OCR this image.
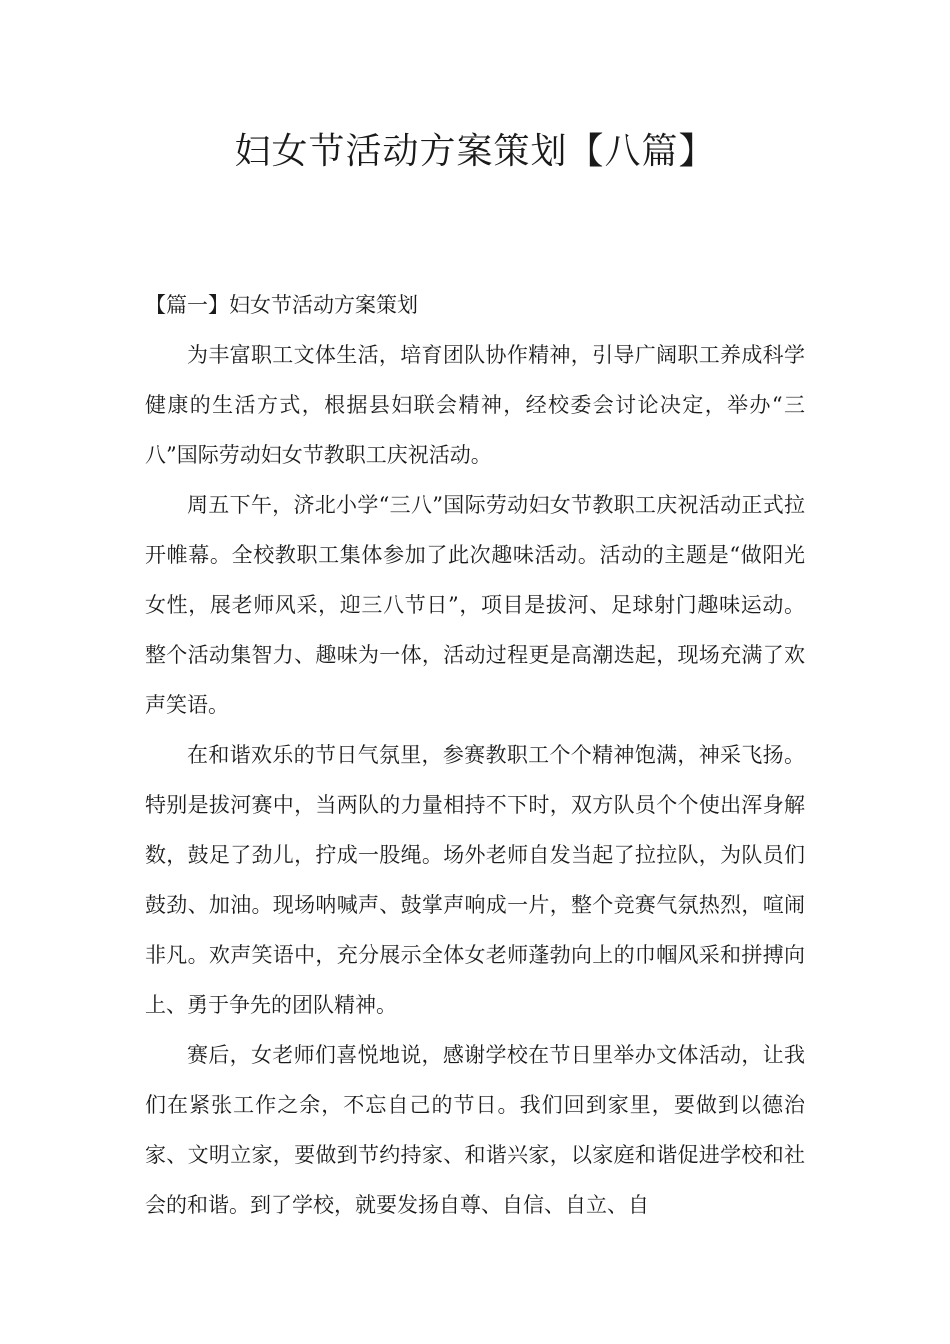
妇女节活动方案策划【八篇】

【篇一】妇女节活动方案策划

为丰富职工文体生活，培育团队协作精神，引导广阔职工养成科学健康的生活方式，根据县妇联会精神，经校委会讨论决定，举办“三八”国际劳动妇女节教职工庆祝活动。

周五下午，济北小学“三八”国际劳动妇女节教职工庆祝活动正式拉开帷幕。全校教职工集体参加了此次趣味活动。活动的主题是“做阳光女性，展老师风采，迎三八节日”，项目是拔河、足球射门趣味运动。整个活动集智力、趣味为一体，活动过程更是高潮迭起，现场充满了欢声笑语。

在和谐欢乐的节日气氛里，参赛教职工个个精神饱满，神采飞扬。特别是拔河赛中，当两队的力量相持不下时，双方队员个个使出浑身解数，鼓足了劲儿，拧成一股绳。场外老师自发当起了拉拉队，为队员们鼓劲、加油。现场呐喊声、鼓掌声响成一片，整个竞赛气氛热烈，喧闹非凡。欢声笑语中，充分展示全体女老师蓬勃向上的巾帼风采和拼搏向上、勇于争先的团队精神。

赛后，女老师们喜悦地说，感谢学校在节日里举办文体活动，让我们在紧张工作之余，不忘自己的节日。我们回到家里，要做到以德治家、文明立家，要做到节约持家、和谐兴家，以家庭和谐促进学校和社会的和谐。到了学校，就要发扬自尊、自信、自立、自
